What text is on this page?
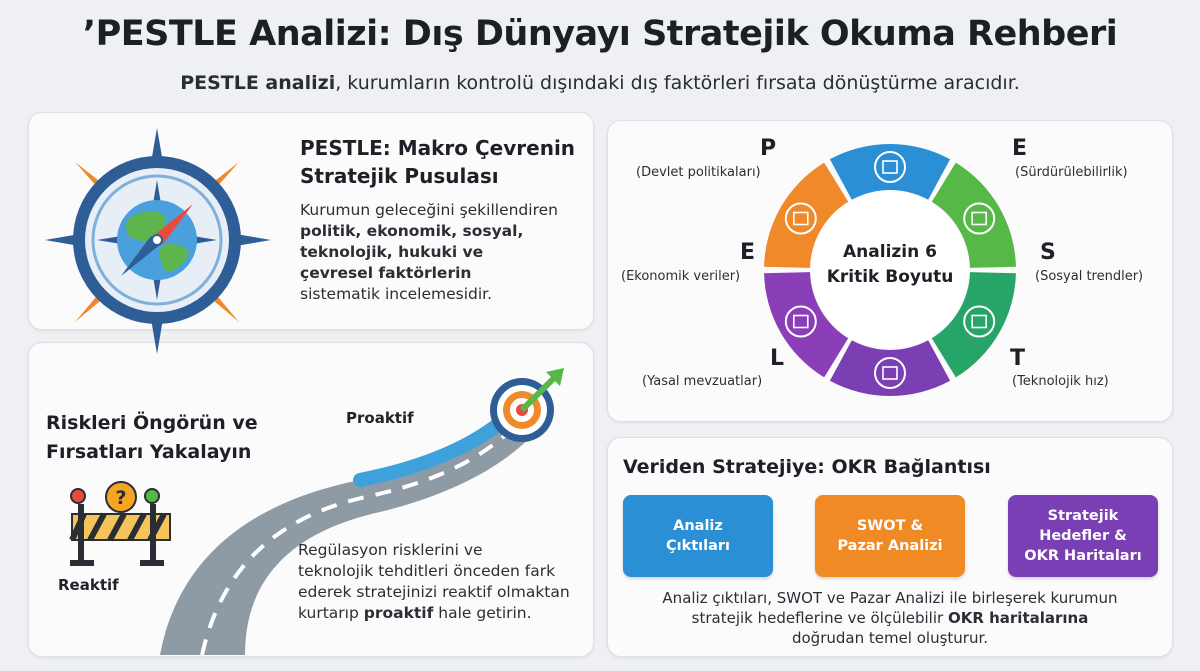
’PESTLE Analizi: Dış Dünyayı Stratejik Okuma Rehberi
PESTLE analizi, kurumların kontrolü dışındaki dış faktörleri fırsata dönüştürme aracıdır.
PESTLE: Makro Çevrenin
Stratejik Pusulası
Kurumun geleceğini şekillendiren
politik, ekonomik, sosyal,
teknolojik, hukuki ve
çevresel faktörlerin
sistematik incelemesidir.
?
Riskleri Öngörün ve
Fırsatları Yakalayın
Proaktif
Reaktif
Regülasyon risklerini ve
teknolojik tehditleri önceden fark
ederek stratejinizi reaktif olmaktan
kurtarıp proaktif hale getirin.
Analizin 6
Kritik Boyutu
P
(Devlet politikaları)
E
(Sürdürülebilirlik)
S
(Sosyal trendler)
T
(Teknolojik hız)
L
(Yasal mevzuatlar)
E
(Ekonomik veriler)
Veriden Stratejiye: OKR Bağlantısı
Analiz
Çıktıları
SWOT &
Pazar Analizi
Stratejik
Hedefler &
OKR Haritaları
Analiz çıktıları, SWOT ve Pazar Analizi ile birleşerek kurumun
stratejik hedeflerine ve ölçülebilir OKR haritalarına
doğrudan temel oluşturur.
